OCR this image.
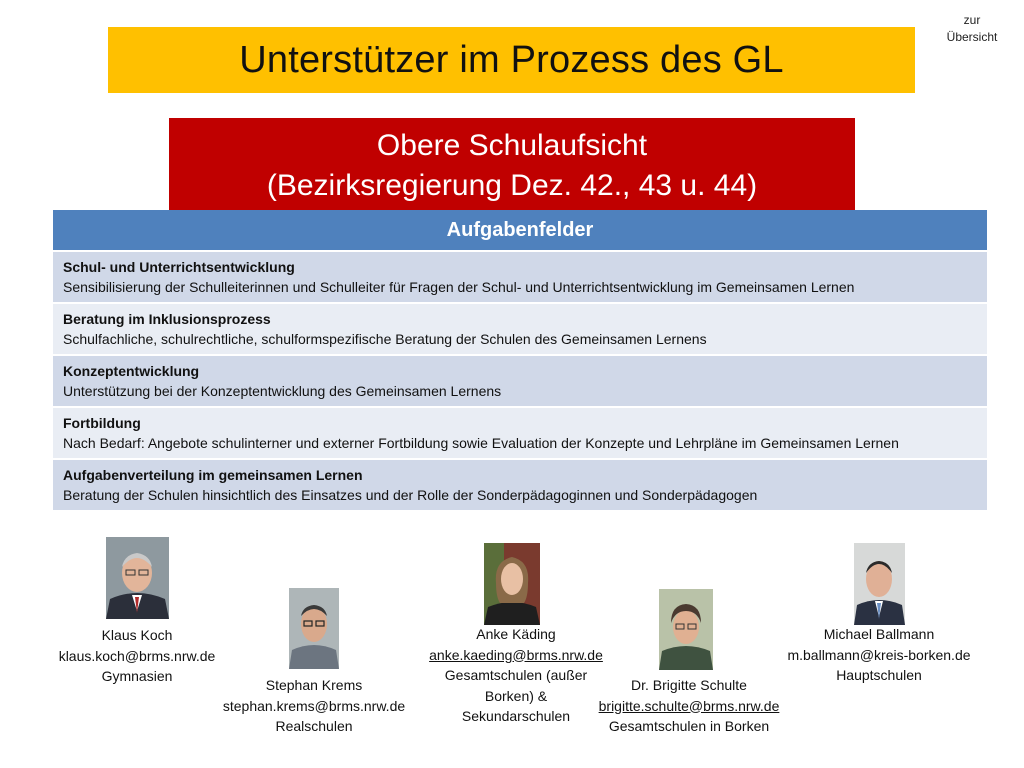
zur
Übersicht
Unterstützer im Prozess des GL
Obere Schulaufsicht
(Bezirksregierung Dez. 42., 43 u. 44)
Aufgabenfelder
Schul- und Unterrichtsentwicklung
Sensibilisierung der Schulleiterinnen und Schulleiter für Fragen der Schul- und Unterrichtsentwicklung im Gemeinsamen Lernen
Beratung im Inklusionsprozess
Schulfachliche, schulrechtliche, schulformspezifische Beratung der Schulen des Gemeinsamen Lernens
Konzeptentwicklung
Unterstützung bei der Konzeptentwicklung des Gemeinsamen Lernens
Fortbildung
Nach Bedarf: Angebote schulinterner und externer Fortbildung sowie Evaluation der Konzepte und Lehrpläne im Gemeinsamen Lernen
Aufgabenverteilung im gemeinsamen Lernen
Beratung der Schulen hinsichtlich des Einsatzes und der Rolle der Sonderpädagoginnen und Sonderpädagogen
Klaus Koch
klaus.koch@brms.nrw.de
Gymnasien
Stephan Krems
stephan.krems@brms.nrw.de
Realschulen
Anke Käding
anke.kaeding@brms.nrw.de
Gesamtschulen (außer
Borken) &
Sekundarschulen
Dr. Brigitte Schulte
brigitte.schulte@brms.nrw.de
Gesamtschulen in Borken
Michael Ballmann
m.ballmann@kreis-borken.de
Hauptschulen
